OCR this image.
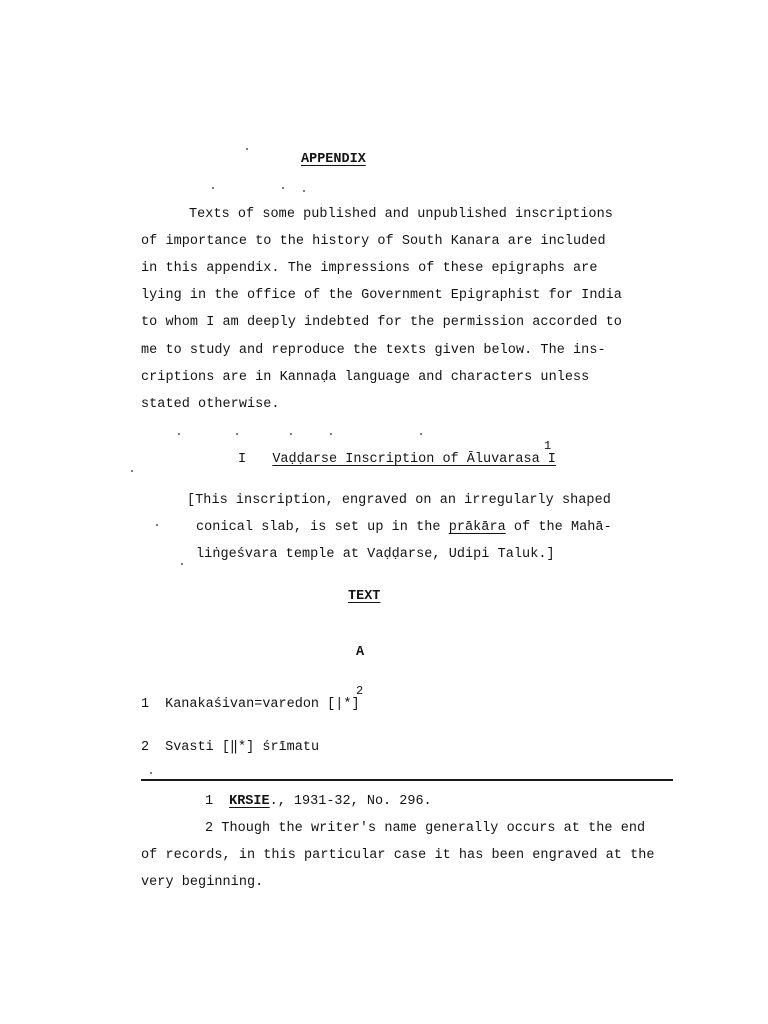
APPENDIX
Texts of some published and unpublished inscriptions
of importance to the history of South Kanara are included
in this appendix. The impressions of these epigraphs are
lying in the office of the Government Epigraphist for India
to whom I am deeply indebted for the permission accorded to
me to study and reproduce the texts given below. The ins-
criptions are in Kannaḍa language and characters unless
stated otherwise.
I Vaḍḍarse Inscription of Āluvarasa I
1
[This inscription, engraved on an irregularly shaped
conical slab, is set up in the prākāra of the Mahā-
liṅgeśvara temple at Vaḍḍarse, Udipi Taluk.]
TEXT
A
1 Kanakaśivan=varedon [|*]
2
2 Svasti [‖*] śrīmatu
1 KRSIE., 1931-32, No. 296.
2 Though the writer's name generally occurs at the end
of records, in this particular case it has been engraved at the
very beginning.
